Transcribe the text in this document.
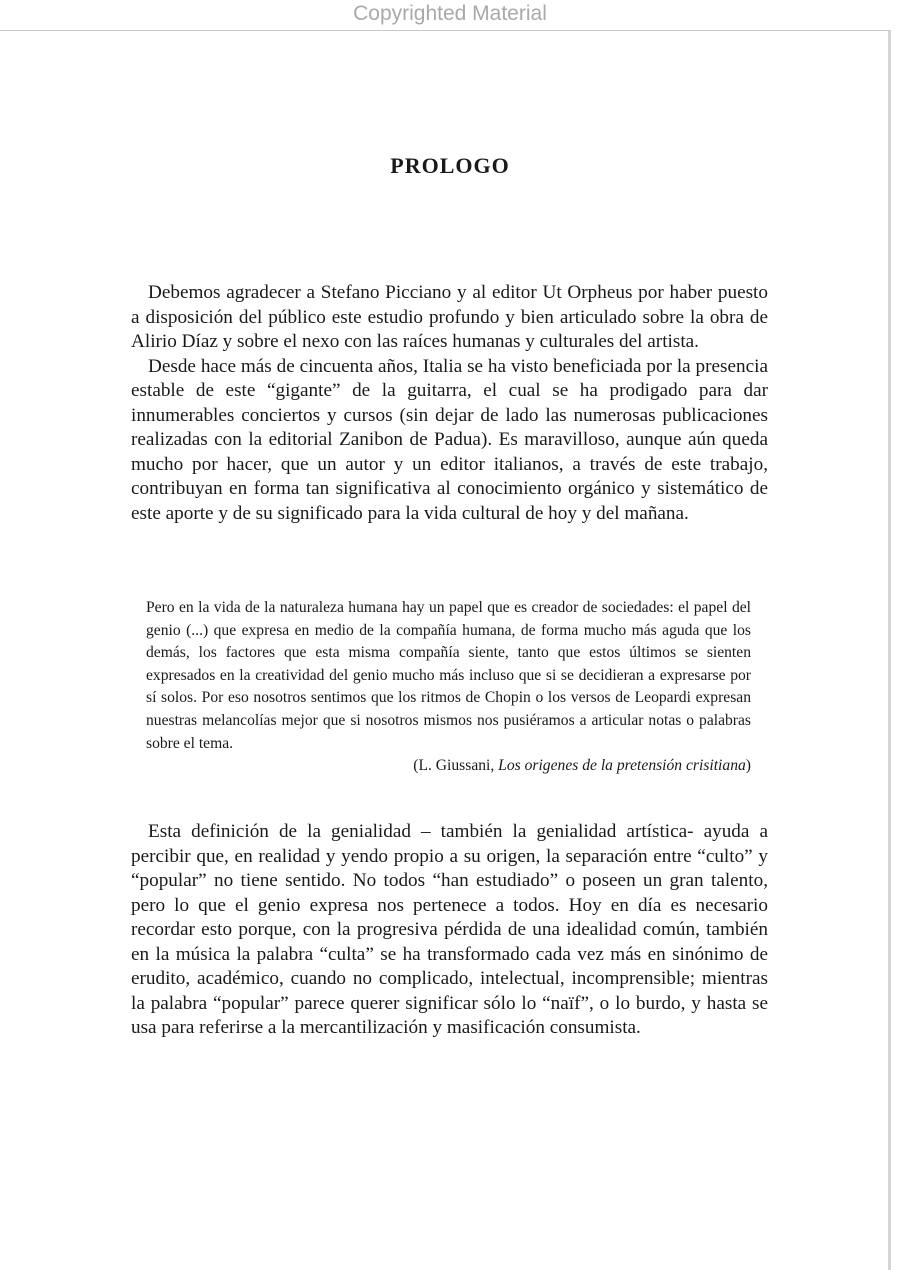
Copyrighted Material
PROLOGO

Debemos agradecer a Stefano Picciano y al editor Ut Orpheus por haber puesto a disposición del público este estudio profundo y bien articulado sobre la obra de Alirio Díaz y sobre el nexo con las raíces humanas y culturales del artista.

Desde hace más de cincuenta años, Italia se ha visto beneficiada por la presencia estable de este “gigante” de la guitarra, el cual se ha prodigado para dar innumerables conciertos y cursos (sin dejar de lado las numerosas publicaciones realizadas con la editorial Zanibon de Padua). Es maravilloso, aunque aún queda mucho por hacer, que un autor y un editor italianos, a través de este trabajo, contribuyan en forma tan significativa al conocimiento orgánico y sistemático de este aporte y de su significado para la vida cultural de hoy y del mañana.

Pero en la vida de la naturaleza humana hay un papel que es creador de sociedades: el papel del genio (...) que expresa en medio de la compañía humana, de forma mucho más aguda que los demás, los factores que esta misma compañía siente, tanto que estos últimos se sienten expresados en la creatividad del genio mucho más incluso que si se decidieran a expresarse por sí solos. Por eso nosotros sentimos que los ritmos de Chopin o los versos de Leopardi expresan nuestras melancolías mejor que si nosotros mismos nos pusiéramos a articular notas o palabras sobre el tema.

(L. Giussani, Los origenes de la pretensión crisitiana)

Esta definición de la genialidad – también la genialidad artística- ayuda a percibir que, en realidad y yendo propio a su origen, la separación entre “culto” y “popular” no tiene sentido. No todos “han estudiado” o poseen un gran talento, pero lo que el genio expresa nos pertenece a todos. Hoy en día es necesario recordar esto porque, con la progresiva pérdida de una idealidad común, también en la música la palabra “culta” se ha transformado cada vez más en sinónimo de erudito, académico, cuando no complicado, intelectual, incomprensible; mientras la palabra “popular” parece querer significar sólo lo “naïf”, o lo burdo, y hasta se usa para referirse a la mercantilización y masificación consumista.
